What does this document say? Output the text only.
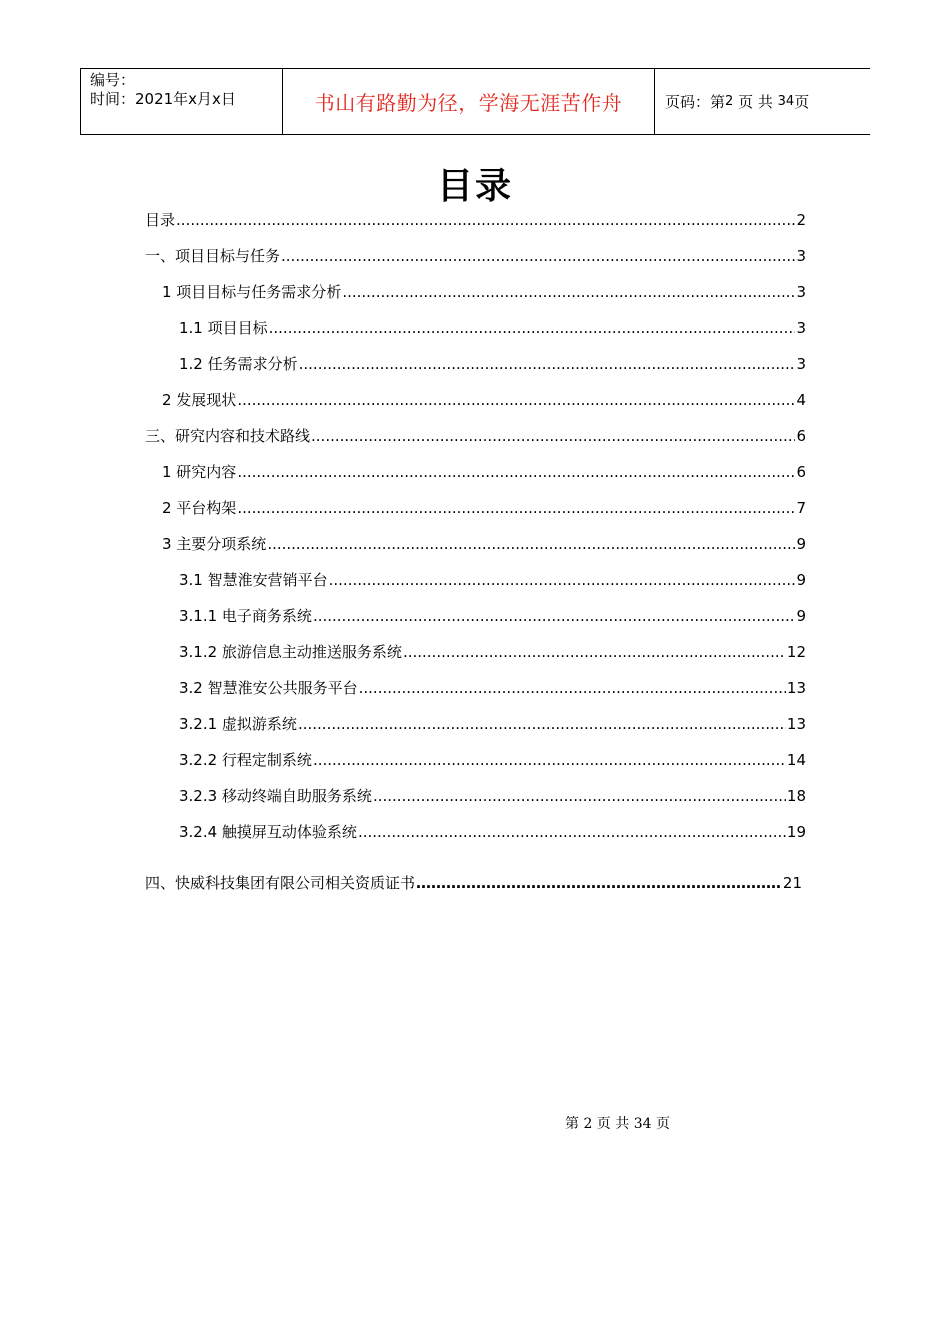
编号：
时间：2021年x月x日	书山有路勤为径，学海无涯苦作舟	页码：第 2
页 共
34 页
目录
目录 .....	2
一、项目目标与任务 .....	3
1 项目目标与任务需求分析 .....	3
1.1 项目目标 .....	3
1.2 任务需求分析 .....	3
2 发展现状 .....	4
三、研究内容和技术路线 .....	6
1 研究内容 .....	6
2 平台构架 .....	7
3 主要分项系统 .....	9
3.1 智慧淮安营销平台 .....	9
3.1.1 电子商务系统 .....	9
3.1.2 旅游信息主动推送服务系统 .....	12
3.2 智慧淮安公共服务平台 .....	13
3.2.1 虚拟游系统 .....	13
3.2.2 行程定制系统 .....	14
3.2.3 移动终端自助服务系统 .....	18
3.2.4 触摸屏互动体验系统 .....	19
四、快威科技集团有限公司相关资质证书 ……………………………………………………………………………………………………………………	21
第 2 页 共 34 页
